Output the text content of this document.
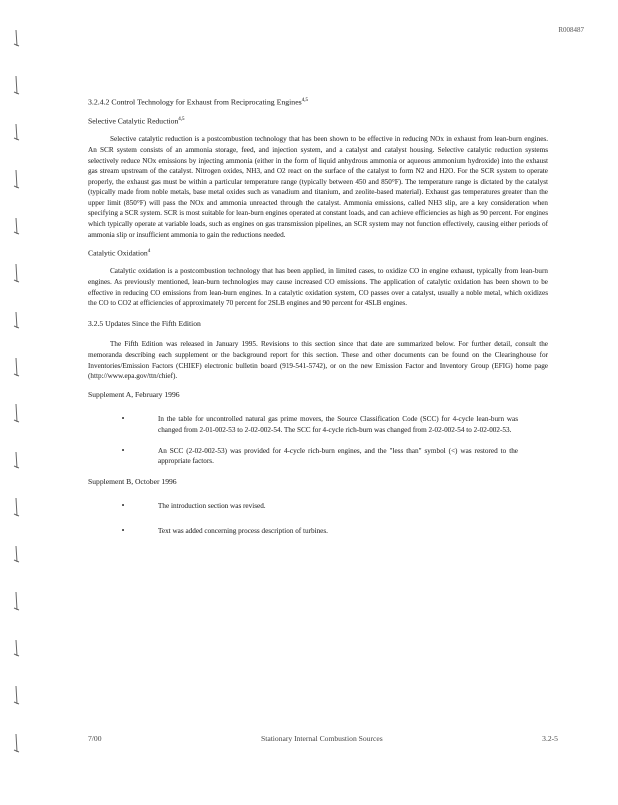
R008487

3.2.4.2 Control Technology for Exhaust from Reciprocating Engines$^{4,5}$

Selective Catalytic Reduction$^{4,5}$

Selective catalytic reduction is a postcombustion technology that has been shown to be effective in reducing NOx in exhaust from lean-burn engines. An SCR system consists of an ammonia storage, feed, and injection system, and a catalyst and catalyst housing. Selective catalytic reduction systems selectively reduce NOx emissions by injecting ammonia (either in the form of liquid anhydrous ammonia or aqueous ammonium hydroxide) into the exhaust gas stream upstream of the catalyst. Nitrogen oxides, NH3, and O2 react on the surface of the catalyst to form N2 and H2O. For the SCR system to operate properly, the exhaust gas must be within a particular temperature range (typically between 450 and 850°F). The temperature range is dictated by the catalyst (typically made from noble metals, base metal oxides such as vanadium and titanium, and zeolite-based material). Exhaust gas temperatures greater than the upper limit (850°F) will pass the NOx and ammonia unreacted through the catalyst. Ammonia emissions, called NH3 slip, are a key consideration when specifying a SCR system. SCR is most suitable for lean-burn engines operated at constant loads, and can achieve efficiencies as high as 90 percent. For engines which typically operate at variable loads, such as engines on gas transmission pipelines, an SCR system may not function effectively, causing either periods of ammonia slip or insufficient ammonia to gain the reductions needed.

Catalytic Oxidation$^4$

Catalytic oxidation is a postcombustion technology that has been applied, in limited cases, to oxidize CO in engine exhaust, typically from lean-burn engines. As previously mentioned, lean-burn technologies may cause increased CO emissions. The application of catalytic oxidation has been shown to be effective in reducing CO emissions from lean-burn engines. In a catalytic oxidation system, CO passes over a catalyst, usually a noble metal, which oxidizes the CO to CO2 at efficiencies of approximately 70 percent for 2SLB engines and 90 percent for 4SLB engines.

3.2.5 Updates Since the Fifth Edition

The Fifth Edition was released in January 1995. Revisions to this section since that date are summarized below. For further detail, consult the memoranda describing each supplement or the background report for this section. These and other documents can be found on the Clearinghouse for Inventories/Emission Factors (CHIEF) electronic bulletin board (919-541-5742), or on the new Emission Factor and Inventory Group (EFIG) home page (http://www.epa.gov/ttn/chief).

Supplement A, February 1996

•	In the table for uncontrolled natural gas prime movers, the Source Classification Code (SCC) for 4-cycle lean-burn was changed from 2-01-002-53 to 2-02-002-54. The SCC for 4-cycle rich-burn was changed from 2-02-002-54 to 2-02-002-53.
•	An SCC (2-02-002-53) was provided for 4-cycle rich-burn engines, and the "less than" symbol (<) was restored to the appropriate factors.

Supplement B, October 1996

•	The introduction section was revised.
•	Text was added concerning process description of turbines.
7/00	Stationary Internal Combustion Sources	3.2-5
